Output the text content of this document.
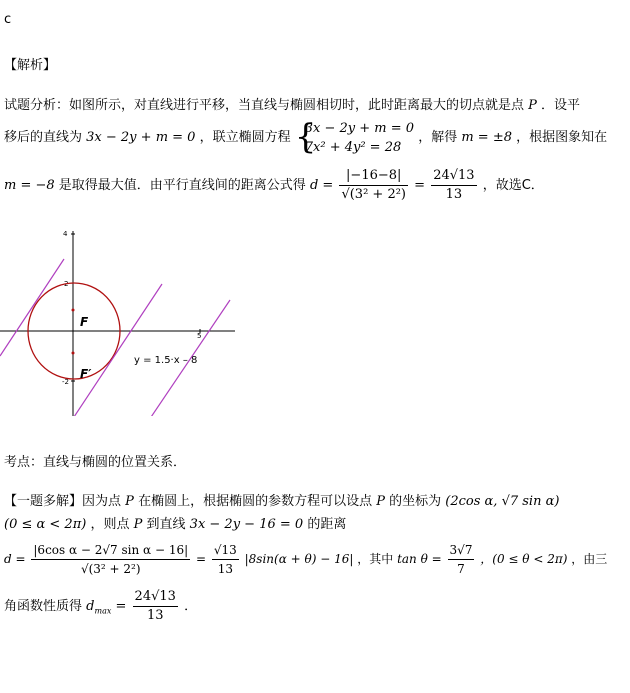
c
【解析】
试题分析：如图所示，对直线进行平移，当直线与椭圆相切时，此时距离最大的切点就是点 P ．设平
移后的直线为 3x − 2y + m = 0 ，联立椭圆方程 {
3x − 2y + m = 0
7x² + 4y² = 28
，解得 m = ±8 ，根据图象知在
m = −8 是取得最大值．由平行直线间的距离公式得 $d = \frac{|-16-8|}{\text{√(3² + 2²)}} = \frac{24√13}{13}$ ，故选C．
4
2
-2
5
F
F′
y = 1.5·x – 8
考点：直线与椭圆的位置关系．
【一题多解】因为点 P 在椭圆上，根据椭圆的参数方程可以设点 P 的坐标为 (2cos α, √7 sin α)
(0 ≤ α < 2π) ，则点 P 到直线 3x − 2y − 16 = 0 的距离
$d = \frac{\text{|6cos α − 2√7 sin α − 16|}}{\text{√(3² + 2²)}} = \frac{√13}{13} |8\sin(\alpha + \theta) - 16|$ ，其中 $\tan \theta = \frac{3√7}{7}$ ，(0 ≤ θ < 2π) ，由三
角函数性质得 $d_{max} = \frac{24√13}{13}$ ．
